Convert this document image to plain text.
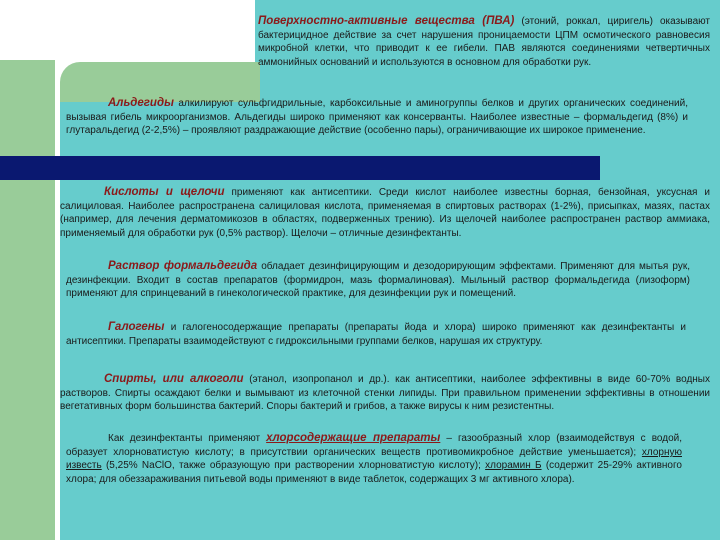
Поверхностно-активные вещества (ПВА) (этоний, роккал, циригель) оказывают бактерицидное действие за счет нарушения проницаемости ЦПМ осмотического равновесия микробной клетки, что приводит к ее гибели. ПАВ являются соединениями четвертичных аммонийных оснований и используются в основном для обработки рук.

Альдегиды алкилируют сульфгидрильные, карбоксильные и аминогруппы белков и других органических соединений, вызывая гибель микроорганизмов. Альдегиды широко применяют как консерванты. Наиболее известные – формальдегид (8%) и глутаральдегид (2-2,5%) – проявляют раздражающие действие (особенно пары), ограничивающие их широкое применение.

Кислоты и щелочи применяют как антисептики. Среди кислот наиболее известны борная, бензойная, уксусная и салициловая. Наиболее распространена салициловая кислота, применяемая в спиртовых растворах (1-2%), присыпках, мазях, пастах (например, для лечения дерматомикозов в областях, подверженных трению). Из щелочей наиболее распространен раствор аммиака, применяемый для обработки рук (0,5% раствор). Щелочи – отличные дезинфектанты.

Раствор формальдегида обладает дезинфицирующим и дезодорирующим эффектами. Применяют для мытья рук, дезинфекции. Входит в состав препаратов (формидрон, мазь формалиновая). Мыльный раствор формальдегида (лизоформ) применяют для спринцеваний в гинекологической практике, для дезинфекции рук и помещений.

Галогены и галогеносодержащие препараты (препараты йода и хлора) широко применяют как дезинфектанты и антисептики. Препараты взаимодействуют с гидроксильными группами белков, нарушая их структуру.

Спирты, или алкоголи (этанол, изопропанол и др.). как антисептики, наиболее эффективны в виде 60-70% водных растворов. Спирты осаждают белки и вымывают из клеточной стенки липиды. При правильном применении эффективны в отношении вегетативных форм большинства бактерий. Споры бактерий и грибов, а также вирусы к ним резистентны.

Как дезинфектанты применяют хлорсодержащие препараты – газообразный хлор (взаимодействуя с водой, образует хлорноватистую кислоту; в присутствии органических веществ противомикробное действие уменьшается); хлорную известь (5,25% NaClO, также образующую при растворении хлорноватистую кислоту); хлорамин Б (содержит 25-29% активного хлора; для обеззараживания питьевой воды применяют в виде таблеток, содержащих 3 мг активного хлора).
